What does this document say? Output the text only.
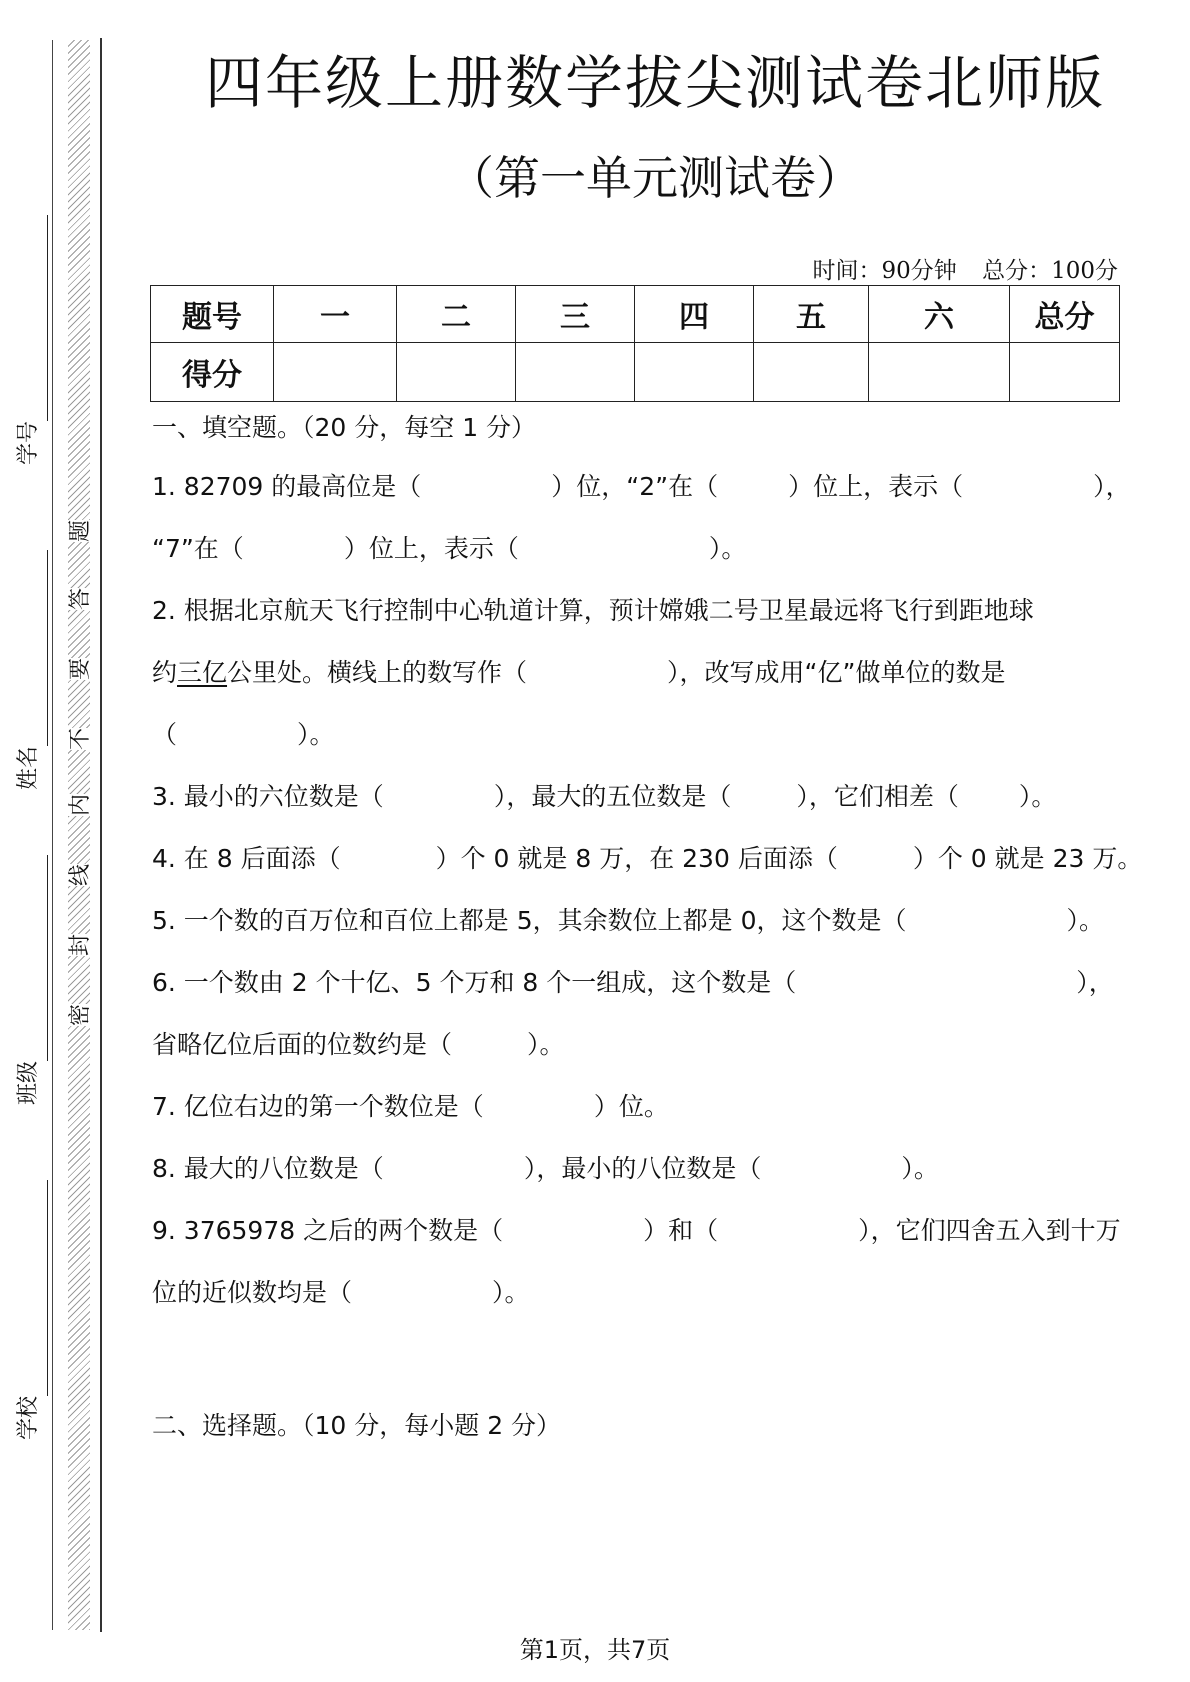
密
封
线
内
不
要
答
题
学校
班级
姓名
学号
四年级上册数学拔尖测试卷北师版
（第一单元测试卷）
时间：90分钟 总分：100分
题号	一	二	三	四	五	六	总分
得分							
一、填空题。（20 分，每空 1 分）
1. 82709 的最高位是（	）位，“2”在（	）位上，表示（	），
“7”在（	）位上，表示（	）。
2. 根据北京航天飞行控制中心轨道计算，预计嫦娥二号卫星最远将飞行到距地球
约三亿公里处。横线上的数写作（	），改写成用“亿”做单位的数是
（	）。
3. 最小的六位数是（	），最大的五位数是（	），它们相差（ ）。
4. 在 8 后面添（	）个 0 就是 8 万，在 230 后面添（	）个 0 就是 23 万。
5. 一个数的百万位和百位上都是 5，其余数位上都是 0，这个数是（	）。
6. 一个数由 2 个十亿、5 个万和 8 个一组成，这个数是（	），
省略亿位后面的位数约是（	）。
7. 亿位右边的第一个数位是（	）位。
8. 最大的八位数是（	），最小的八位数是（	）。
9. 3765978 之后的两个数是（	）和（	），它们四舍五入到十万
位的近似数均是（	）。
二、选择题。（10 分，每小题 2 分）
第1页，共7页
